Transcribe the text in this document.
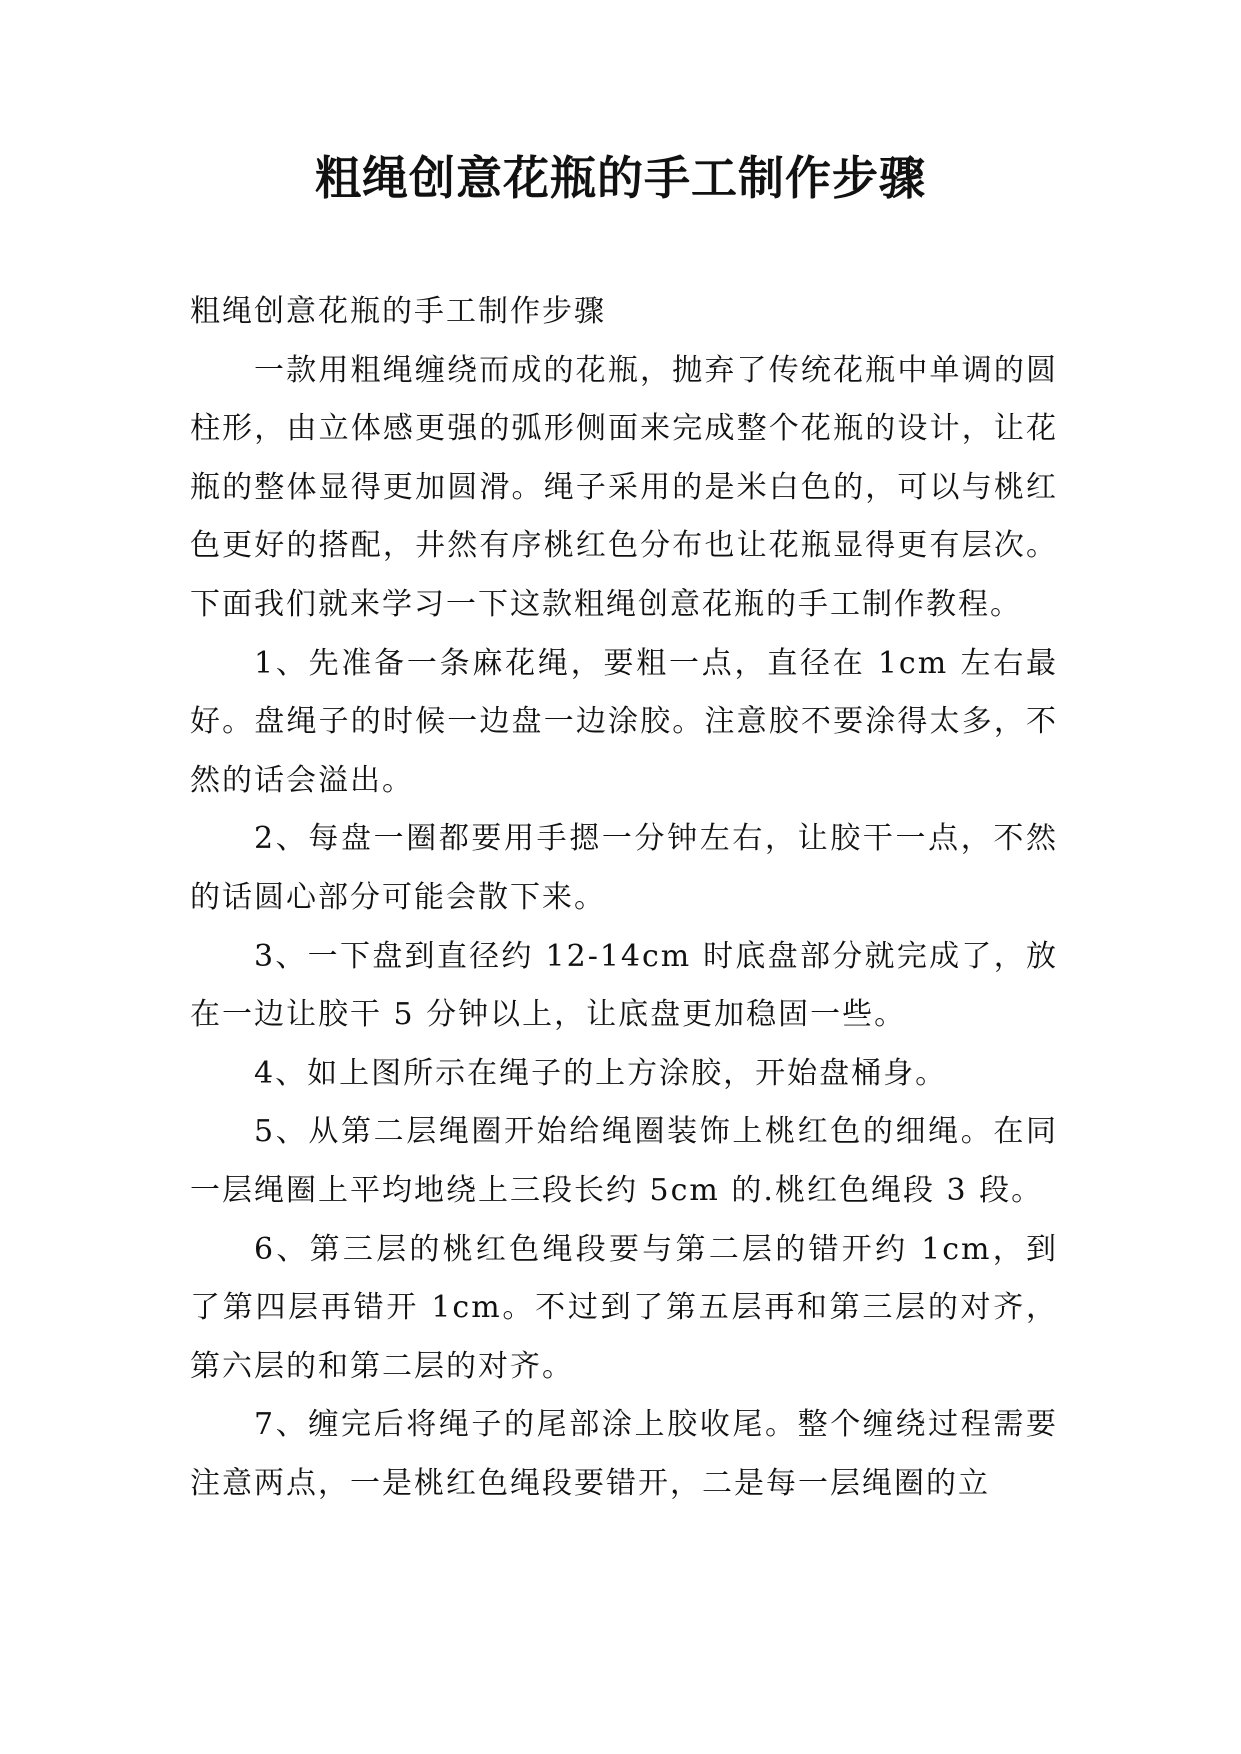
粗绳创意花瓶的手工制作步骤

粗绳创意花瓶的手工制作步骤

一款用粗绳缠绕而成的花瓶，抛弃了传统花瓶中单调的圆柱形，由立体感更强的弧形侧面来完成整个花瓶的设计，让花瓶的整体显得更加圆滑。绳子采用的是米白色的，可以与桃红色更好的搭配，井然有序桃红色分布也让花瓶显得更有层次。下面我们就来学习一下这款粗绳创意花瓶的手工制作教程。

1、先准备一条麻花绳，要粗一点，直径在 1cm 左右最好。盘绳子的时候一边盘一边涂胶。注意胶不要涂得太多，不然的话会溢出。

2、每盘一圈都要用手摁一分钟左右，让胶干一点，不然的话圆心部分可能会散下来。

3、一下盘到直径约 12-14cm 时底盘部分就完成了，放在一边让胶干 5 分钟以上，让底盘更加稳固一些。

4、如上图所示在绳子的上方涂胶，开始盘桶身。

5、从第二层绳圈开始给绳圈装饰上桃红色的细绳。在同一层绳圈上平均地绕上三段长约 5cm 的.桃红色绳段 3 段。

6、第三层的桃红色绳段要与第二层的错开约 1cm，到了第四层再错开 1cm。不过到了第五层再和第三层的对齐，第六层的和第二层的对齐。

7、缠完后将绳子的尾部涂上胶收尾。整个缠绕过程需要注意两点，一是桃红色绳段要错开，二是每一层绳圈的立
